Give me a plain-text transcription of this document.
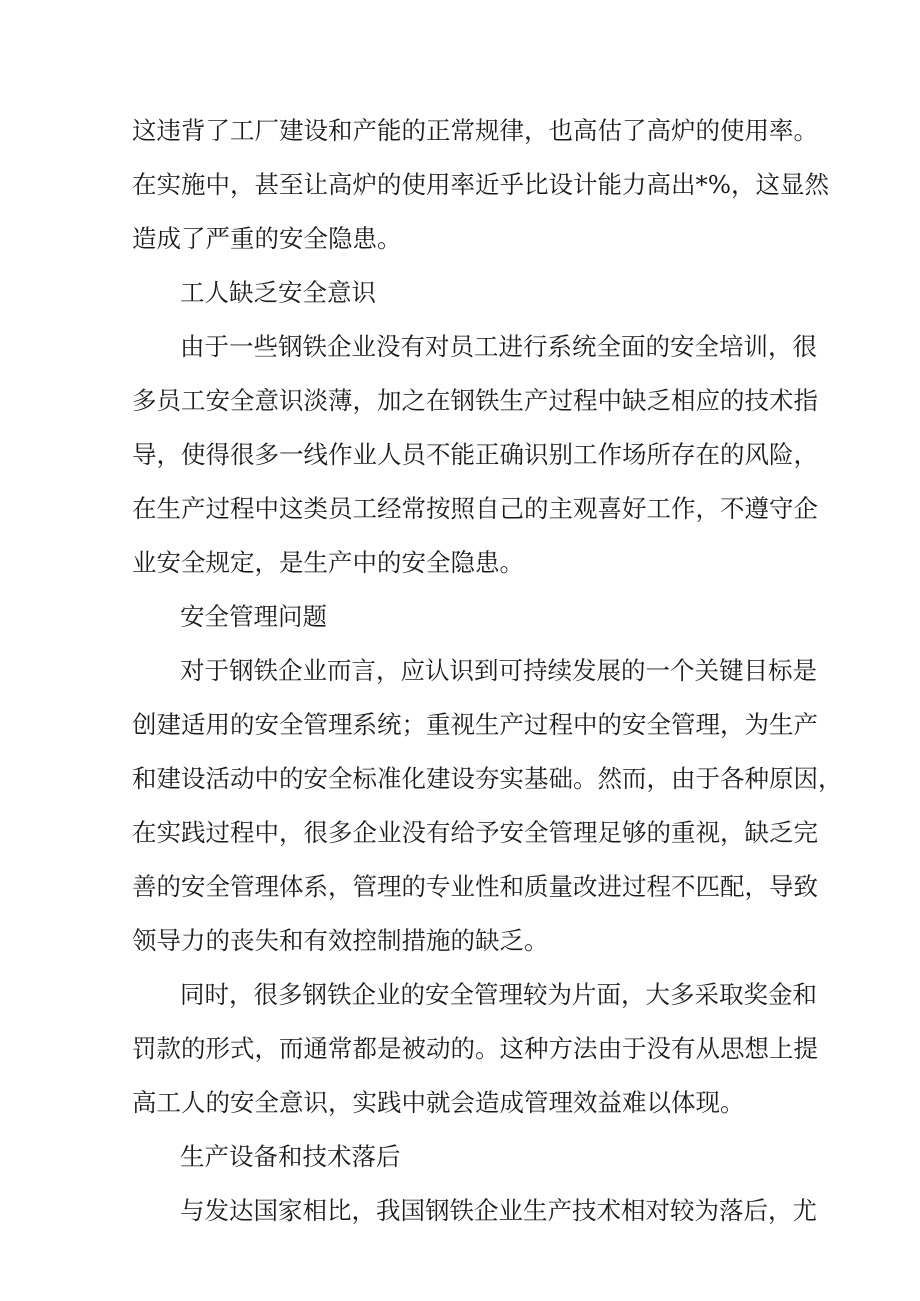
这违背了工厂建设和产能的正常规律，也高估了高炉的使用率。
在实施中，甚至让高炉的使用率近乎比设计能力高出*%，这显然
造成了严重的安全隐患。
工人缺乏安全意识
由于一些钢铁企业没有对员工进行系统全面的安全培训，很
多员工安全意识淡薄，加之在钢铁生产过程中缺乏相应的技术指
导，使得很多一线作业人员不能正确识别工作场所存在的风险，
在生产过程中这类员工经常按照自己的主观喜好工作，不遵守企
业安全规定，是生产中的安全隐患。
安全管理问题
对于钢铁企业而言，应认识到可持续发展的一个关键目标是
创建适用的安全管理系统；重视生产过程中的安全管理，为生产
和建设活动中的安全标准化建设夯实基础。然而，由于各种原因，
在实践过程中，很多企业没有给予安全管理足够的重视，缺乏完
善的安全管理体系，管理的专业性和质量改进过程不匹配，导致
领导力的丧失和有效控制措施的缺乏。
同时，很多钢铁企业的安全管理较为片面，大多采取奖金和
罚款的形式，而通常都是被动的。这种方法由于没有从思想上提
高工人的安全意识，实践中就会造成管理效益难以体现。
生产设备和技术落后
与发达国家相比，我国钢铁企业生产技术相对较为落后，尤
